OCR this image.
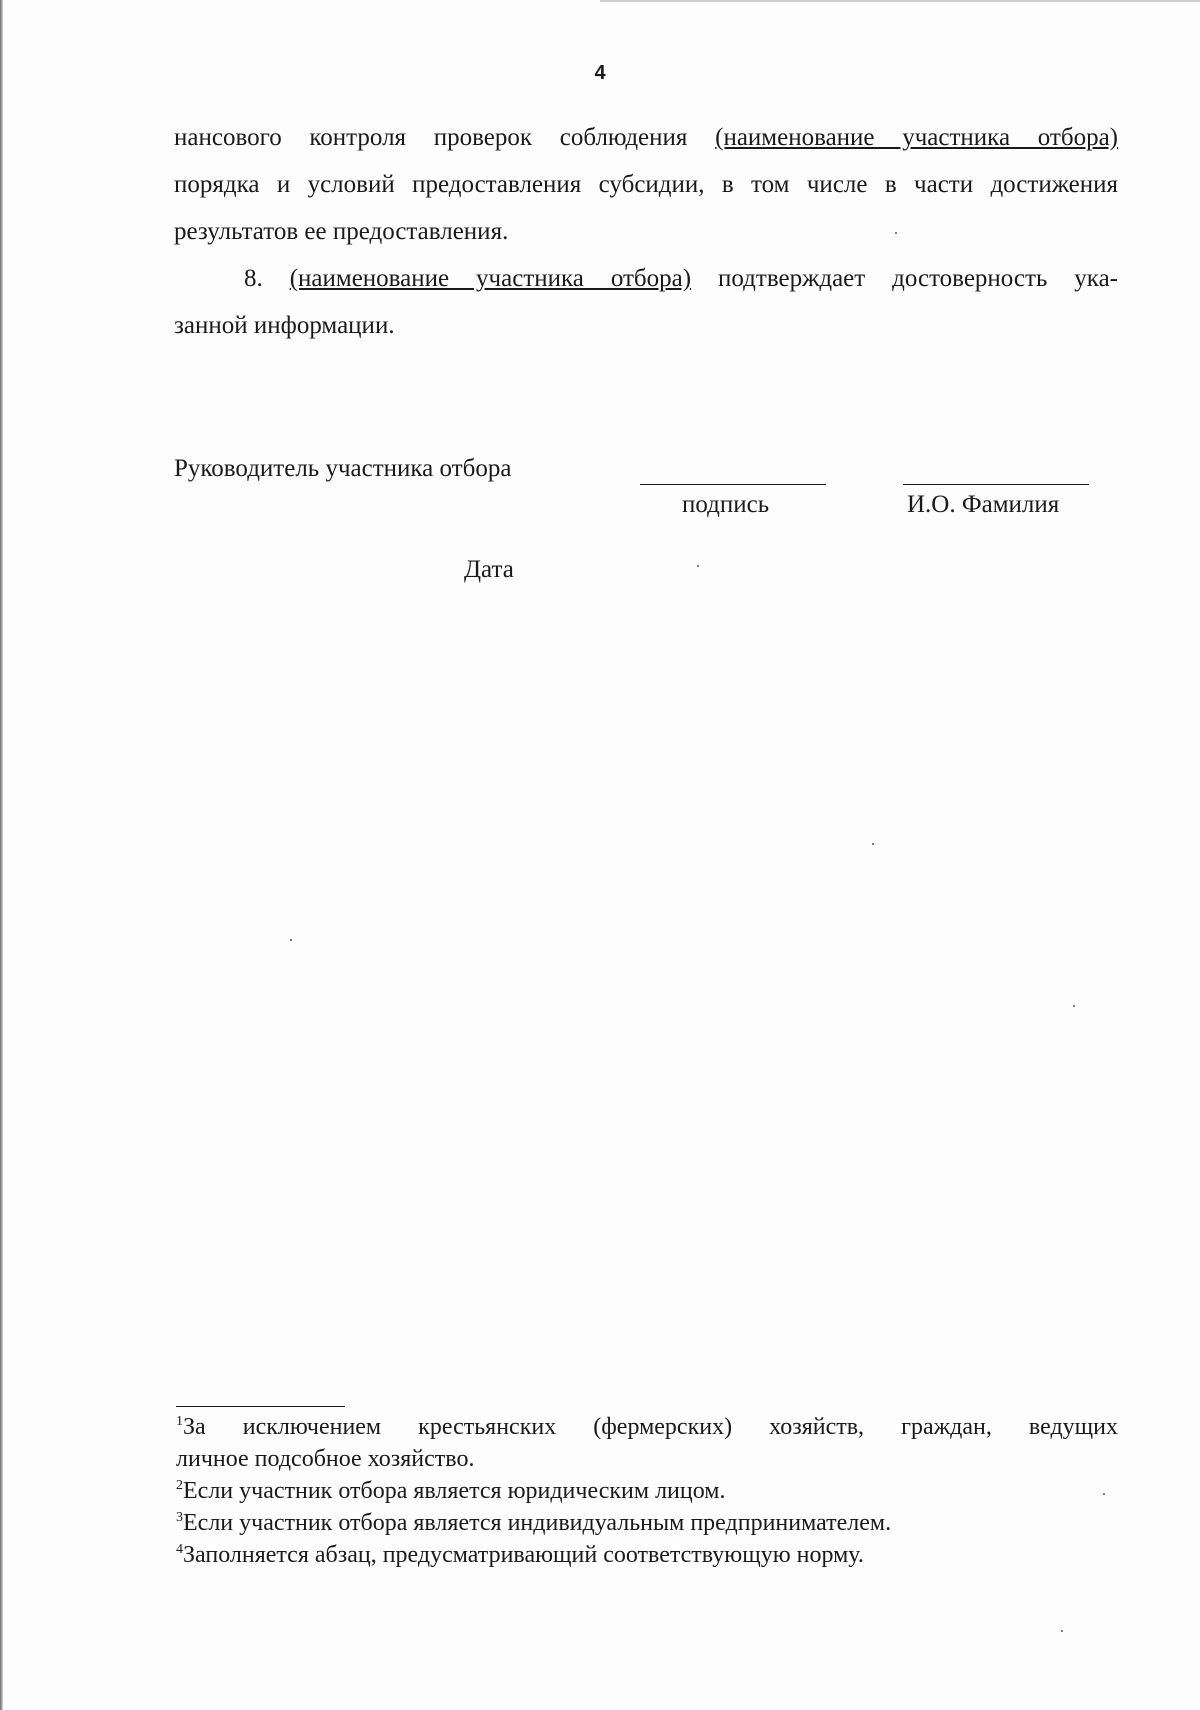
4
нансового контроля проверок соблюдения (наименование участника отбора)
порядка и условий предоставления субсидии, в том числе в части достижения
результатов ее предоставления.
8. (наименование участника отбора) подтверждает достоверность ука-
занной информации.
Руководитель участника отбора
подпись	И.О. Фамилия
Дата
$^1$За исключением крестьянских (фермерских) хозяйств, граждан, ведущих
личное подсобное хозяйство.
$^2$Если участник отбора является юридическим лицом.
$^3$Если участник отбора является индивидуальным предпринимателем.
$^4$Заполняется абзац, предусматривающий соответствующую норму.
